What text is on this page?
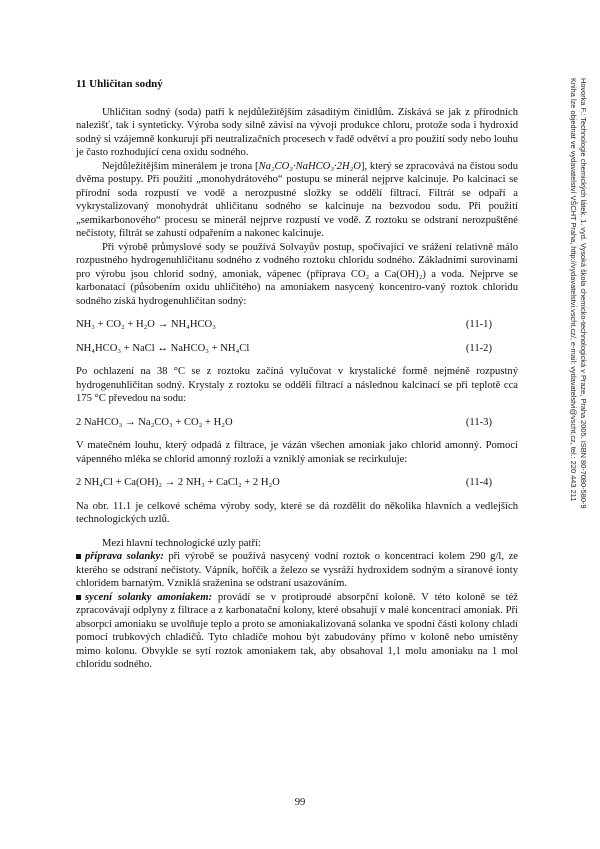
11 Uhličitan sodný

Uhličitan sodný (soda) patří k nejdůležitějším zásaditým činidlům. Získává se jak z přírodních nalezišť, tak i synteticky. Výroba sody silně závisí na vývoji produkce chloru, protože soda i hydroxid sodný si vzájemně konkurují při neutralizačních procesech v řadě odvětví a pro použití sody nebo louhu je často rozhodující cena oxidu sodného.

Nejdůležitějším minerálem je trona [Na₂CO₃·NaHCO₃·2H₂O], který se zpracovává na čistou sodu dvěma postupy. Při použití „monohydrátového“ postupu se minerál nejprve kalcinuje. Po kalcinaci se přírodní soda rozpustí ve vodě a nerozpustné složky se oddělí filtrací. Filtrát se odpaří a vykrystalizovaný monohydrát uhličitanu sodného se kalcinuje na bezvodou sodu. Při použití „semikarbonového“ procesu se minerál nejprve rozpustí ve vodě. Z roztoku se odstraní nerozpuštěné nečistoty, filtrát se zahustí odpařením a nakonec kalcinuje.

Při výrobě průmyslové sody se používá Solvayův postup, spočívající ve srážení relativně málo rozpustného hydrogenuhličitanu sodného z vodného roztoku chloridu sodného. Základními surovinami pro výrobu jsou chlorid sodný, amoniak, vápenec (příprava CO₂ a Ca(OH)₂) a voda. Nejprve se karbonatací (působením oxidu uhličitého) na amoniakem nasycený koncentro-vaný roztok chloridu sodného získá hydrogenuhličitan sodný:

NH₃ + CO₂ + H₂O → NH₄HCO₃	(11-1)
NH₄HCO₃ + NaCl ↔ NaHCO₃ + NH₄Cl	(11-2)

Po ochlazení na 38 °C se z roztoku začíná vylučovat v krystalické formě nejméně rozpustný hydrogenuhličitan sodný. Krystaly z roztoku se oddělí filtrací a následnou kalcinací se při teplotě cca 175 °C převedou na sodu:

2 NaHCO₃ → Na₂CO₃ + CO₂ + H₂O	(11-3)

V matečném louhu, který odpadá z filtrace, je vázán všechen amoniak jako chlorid amonný. Pomocí vápenného mléka se chlorid amonný rozloží a vzniklý amoniak se recirkuluje:

2 NH₄Cl + Ca(OH)₂ → 2 NH₃ + CaCl₂ + 2 H₂O	(11-4)

Na obr. 11.1 je celkové schéma výroby sody, které se dá rozdělit do několika hlavních a vedlejších technologických uzlů.

Mezi hlavní technologické uzly patří:

příprava solanky: při výrobě se používá nasycený vodní roztok o koncentraci kolem 290 g/l, ze kterého se odstraní nečistoty. Vápník, hořčík a železo se vysráží hydroxidem sodným a síranové ionty chloridem barnatým. Vzniklá sraženina se odstraní usazováním.

sycení solanky amoniakem: provádí se v protiproudé absorpční koloně. V této koloně se též zpracovávají odplyny z filtrace a z karbonatační kolony, které obsahují v malé koncentraci amoniak. Při absorpci amoniaku se uvolňuje teplo a proto se amoniakalizovaná solanka ve spodní části kolony chladí pomocí trubkových chladičů. Tyto chladiče mohou být zabudovány přímo v koloně nebo umístěny mimo kolonu. Obvykle se sytí roztok amoniakem tak, aby obsahoval 1,1 molu amoniaku na 1 mol chloridu sodného.

Hovorka F.: Technologie chemických látek. 1. vyd. Vysoká škola chemicko-technologická v Praze, Praha 2005. ISBN 80-7080-580-9
Kniha lze objednat ve vydavatelství VŠCHT Praha, http://vydavatelstvi.vscht.cz/, e-mail: vydavatelstvi@vscht.cz, tel.: 220 443 211
99
